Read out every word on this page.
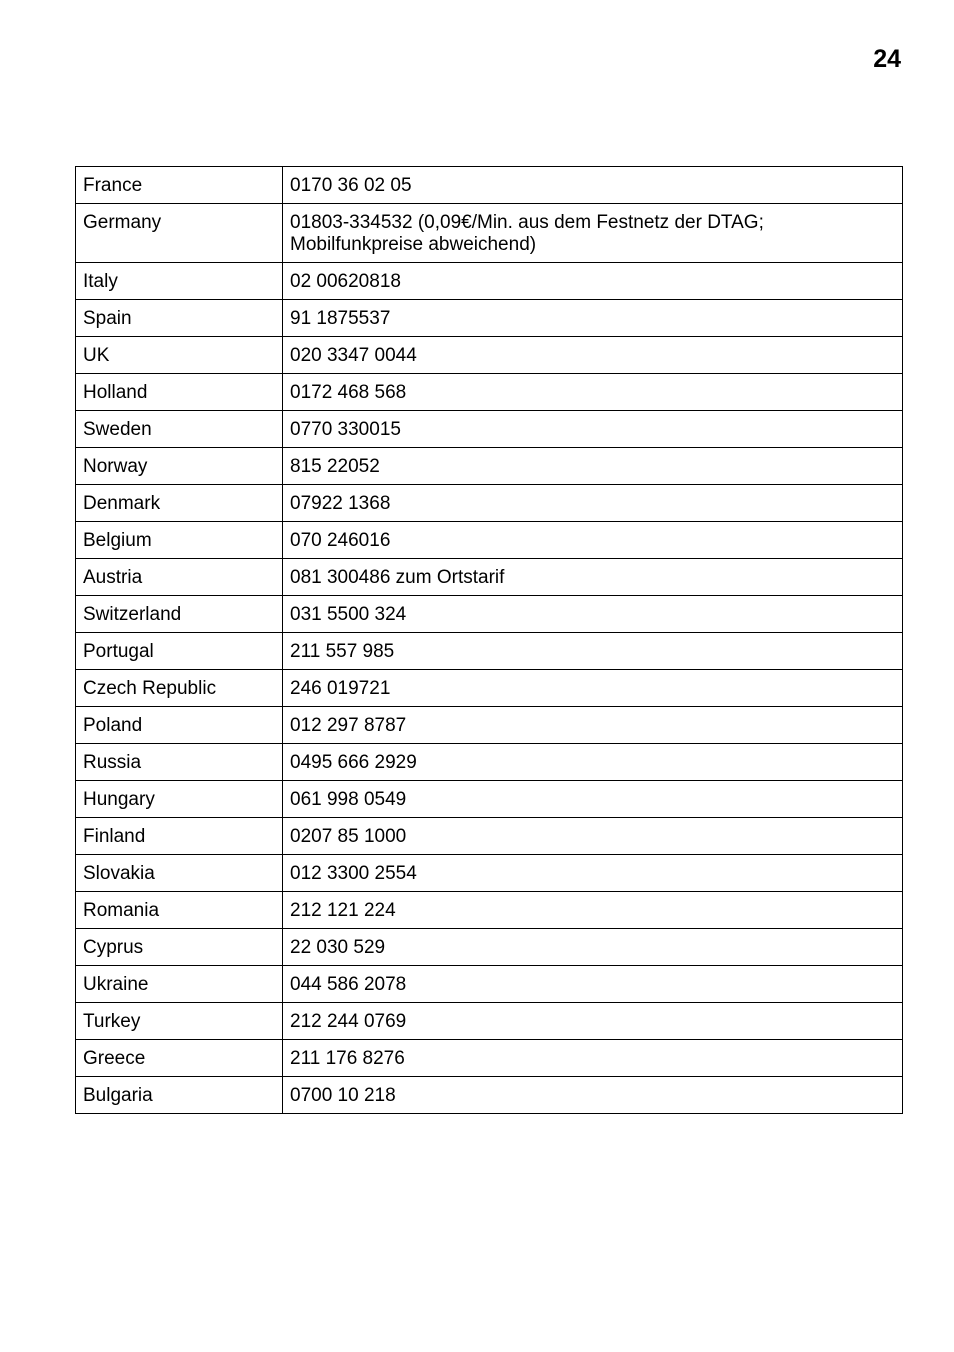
24
France	0170 36 02 05
Germany	01803-334532 (0,09€/Min. aus dem Festnetz der DTAG; Mobilfunkpreise abweichend)
Italy	02 00620818
Spain	91 1875537
UK	020 3347 0044
Holland	0172 468 568
Sweden	0770 330015
Norway	815 22052
Denmark	07922 1368
Belgium	070 246016
Austria	081 300486 zum Ortstarif
Switzerland	031 5500 324
Portugal	211 557 985
Czech Republic	246 019721
Poland	012 297 8787
Russia	0495 666 2929
Hungary	061 998 0549
Finland	0207 85 1000
Slovakia	012 3300 2554
Romania	212 121 224
Cyprus	22 030 529
Ukraine	044 586 2078
Turkey	212 244 0769
Greece	211 176 8276
Bulgaria	0700 10 218
